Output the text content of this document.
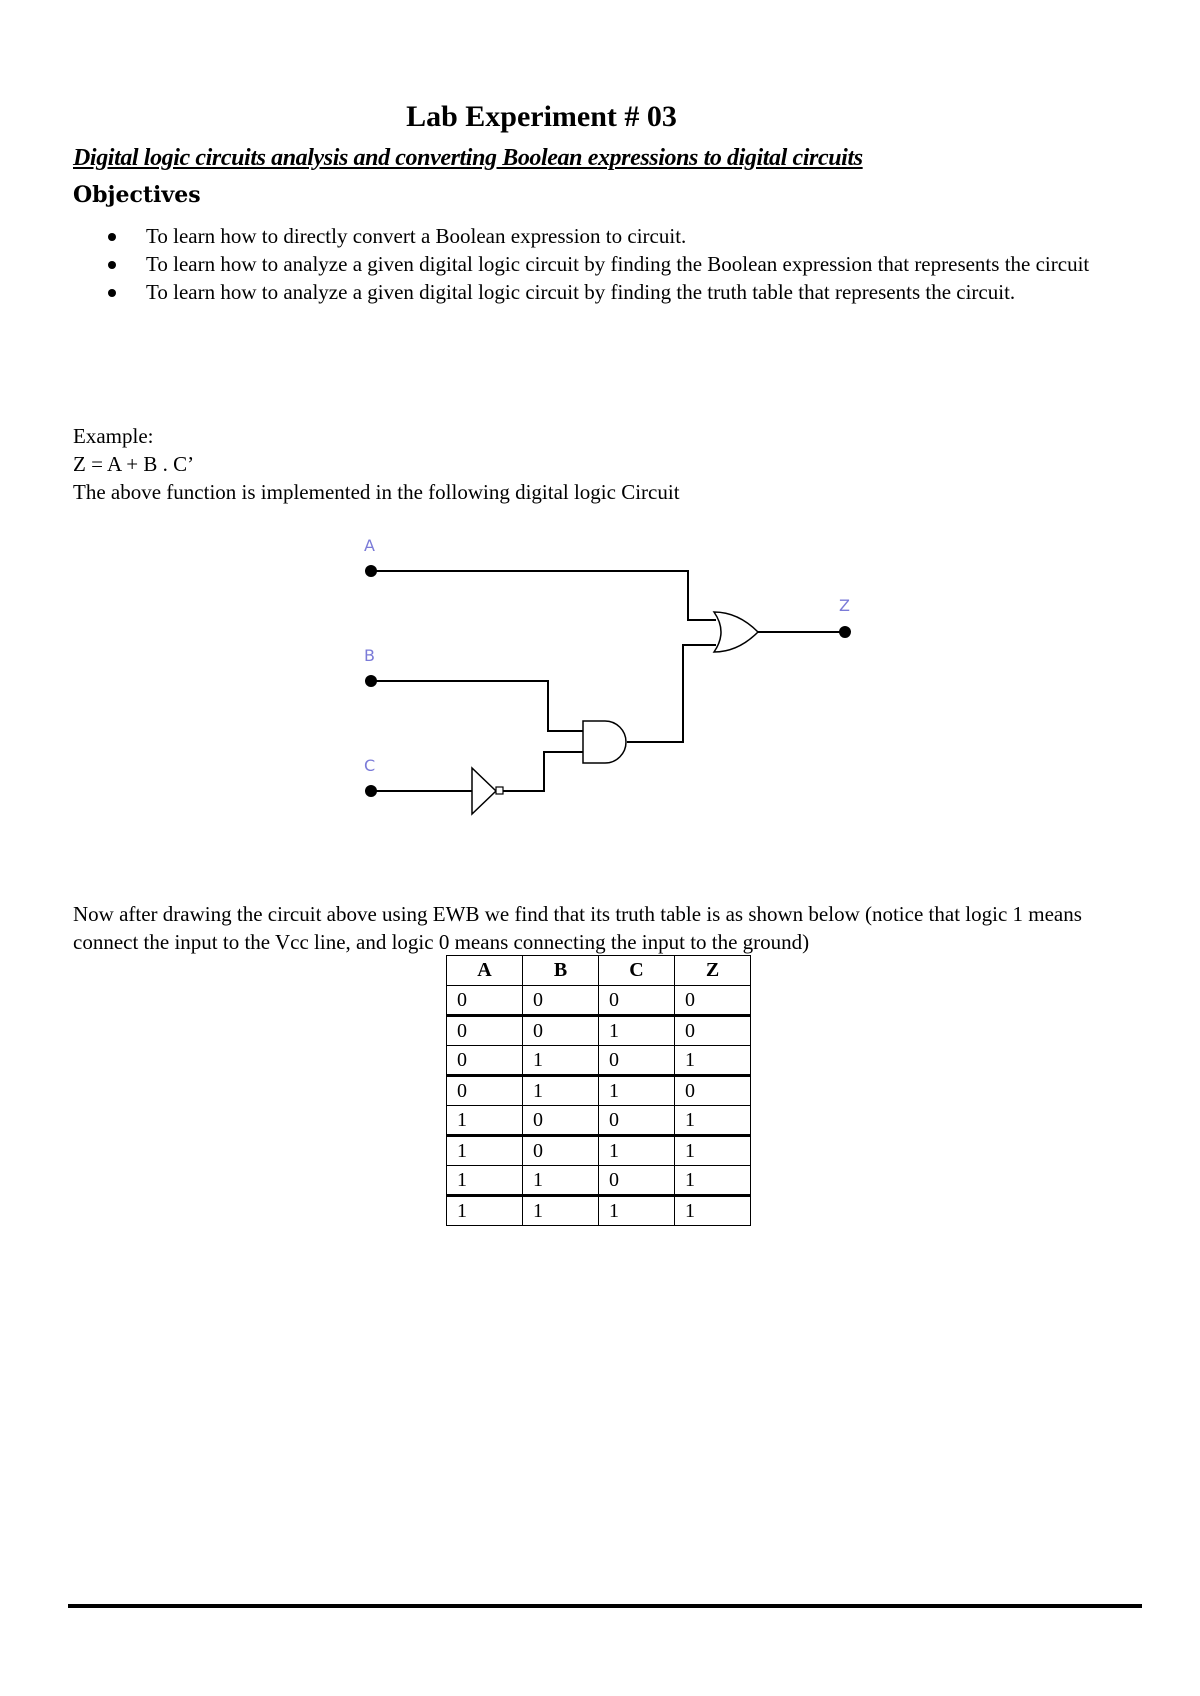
Lab Experiment # 03

Digital logic circuits analysis and converting Boolean expressions to digital circuits

Objectives
To learn how to directly convert a Boolean expression to circuit.
To learn how to analyze a given digital logic circuit by finding the Boolean expression that represents the circuit
To learn how to analyze a given digital logic circuit by finding the truth table that represents the circuit.

Example:

Z = A + B . C’

The above function is implemented in the following digital logic Circuit

A
B
C
Z

Now after drawing the circuit above using EWB we find that its truth table is as shown below (notice that logic 1 means connect the input to the Vcc line, and logic 0 means connecting the input to the ground)

A	B	C	Z
0	0	0	0
0	0	1	0
0	1	0	1
0	1	1	0
1	0	0	1
1	0	1	1
1	1	0	1
1	1	1	1
